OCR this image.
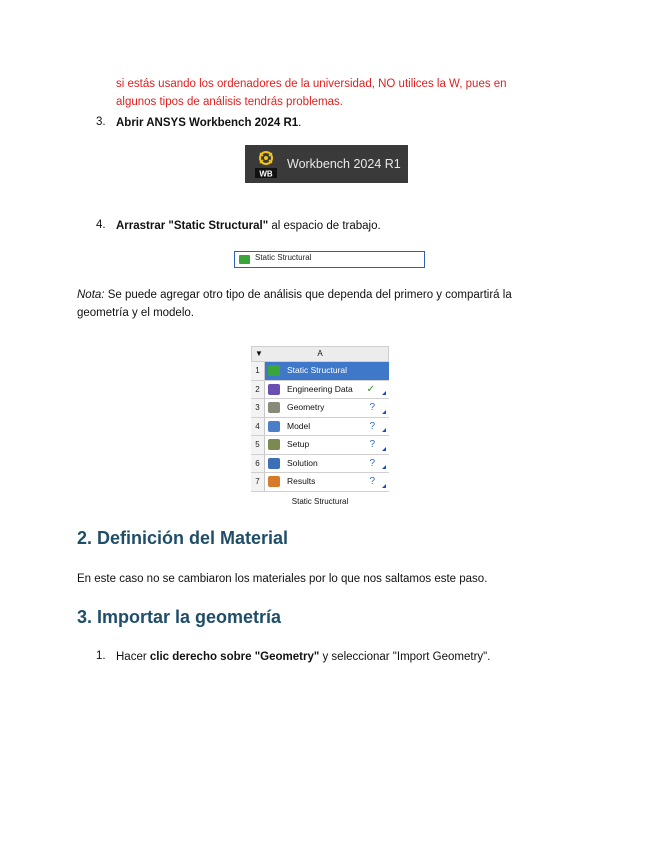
si estás usando los ordenadores de la universidad, NO utilices la W, pues en
algunos tipos de análisis tendrás problemas.
3. Abrir ANSYS Workbench 2024 R1.
WB
Workbench 2024 R1
4. Arrastrar "Static Structural" al espacio de trabajo.
Static Structural
Nota: Se puede agregar otro tipo de análisis que dependa del primero y compartirá la
geometría y el modelo.
▼	A
1	Static Structural
2	Engineering Data ✓
3	Geometry	?
4	Model	?
5	Setup	?
6	Solution	?
7	Results	?
Static Structural
2. Definición del Material
En este caso no se cambiaron los materiales por lo que nos saltamos este paso.
3. Importar la geometría
1. Hacer clic derecho sobre "Geometry" y seleccionar "Import Geometry".
